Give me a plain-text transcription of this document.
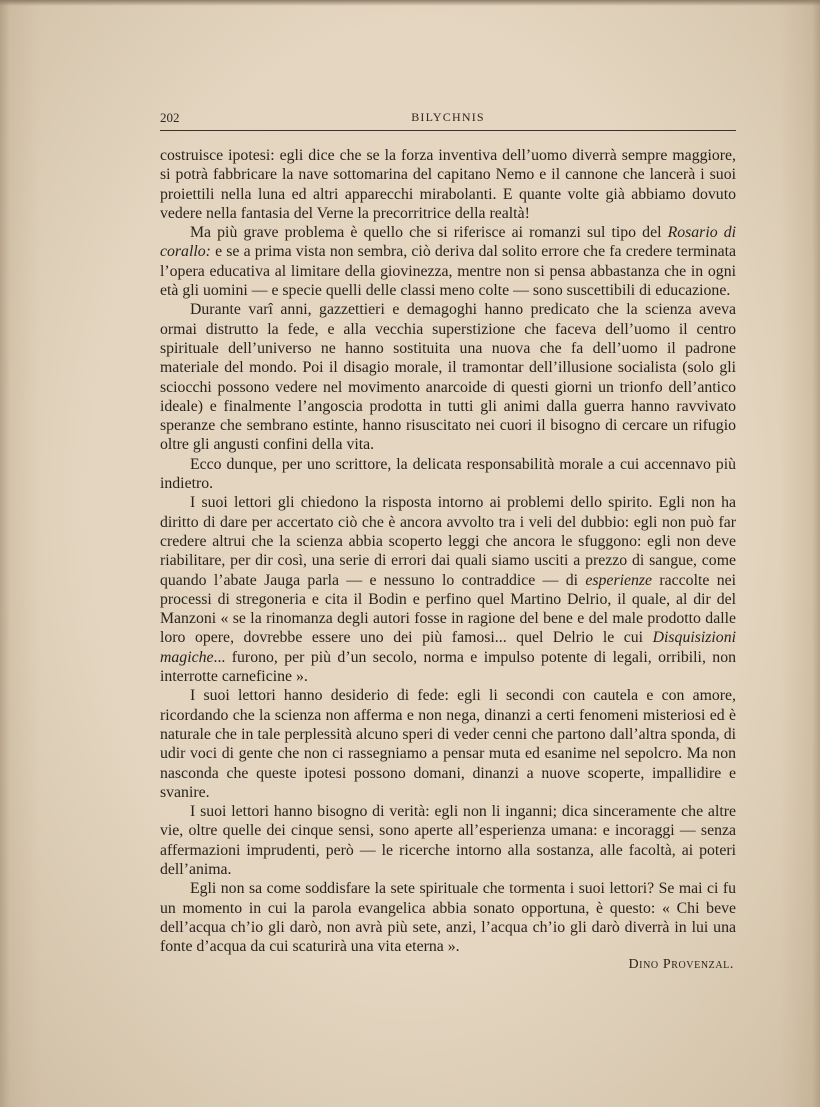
202	BILYCHNIS

costruisce ipotesi: egli dice che se la forza inventiva dell’uomo diverrà sempre maggiore, si potrà fabbricare la nave sottomarina del capitano Nemo e il cannone che lancerà i suoi proiettili nella luna ed altri apparecchi mirabolanti. E quante volte già abbiamo dovuto vedere nella fantasia del Verne la precorritrice della realtà!

Ma più grave problema è quello che si riferisce ai romanzi sul tipo del Rosario di corallo: e se a prima vista non sembra, ciò deriva dal solito errore che fa credere terminata l’opera educativa al limitare della giovinezza, mentre non si pensa abbastanza che in ogni età gli uomini — e specie quelli delle classi meno colte — sono suscettibili di educazione.

Durante varî anni, gazzettieri e demagoghi hanno predicato che la scienza aveva ormai distrutto la fede, e alla vecchia superstizione che faceva dell’uomo il centro spirituale dell’universo ne hanno sostituita una nuova che fa dell’uomo il padrone materiale del mondo. Poi il disagio morale, il tramontar dell’illusione socialista (solo gli sciocchi possono vedere nel movimento anarcoide di questi giorni un trionfo dell’antico ideale) e finalmente l’angoscia prodotta in tutti gli animi dalla guerra hanno ravvivato speranze che sembrano estinte, hanno risuscitato nei cuori il bisogno di cercare un rifugio oltre gli angusti confini della vita.

Ecco dunque, per uno scrittore, la delicata responsabilità morale a cui accennavo più indietro.

I suoi lettori gli chiedono la risposta intorno ai problemi dello spirito. Egli non ha diritto di dare per accertato ciò che è ancora avvolto tra i veli del dubbio: egli non può far credere altrui che la scienza abbia scoperto leggi che ancora le sfuggono: egli non deve riabilitare, per dir così, una serie di errori dai quali siamo usciti a prezzo di sangue, come quando l’abate Jauga parla — e nessuno lo contraddice — di esperienze raccolte nei processi di stregoneria e cita il Bodin e perfino quel Martino Delrio, il quale, al dir del Manzoni « se la rinomanza degli autori fosse in ragione del bene e del male prodotto dalle loro opere, dovrebbe essere uno dei più famosi... quel Delrio le cui Disquisizioni magiche... furono, per più d’un secolo, norma e impulso potente di legali, orribili, non interrotte carneficine ».

I suoi lettori hanno desiderio di fede: egli li secondi con cautela e con amore, ricordando che la scienza non afferma e non nega, dinanzi a certi fenomeni misteriosi ed è naturale che in tale perplessità alcuno speri di veder cenni che partono dall’altra sponda, di udir voci di gente che non ci rassegniamo a pensar muta ed esanime nel sepolcro. Ma non nasconda che queste ipotesi possono domani, dinanzi a nuove scoperte, impallidire e svanire.

I suoi lettori hanno bisogno di verità: egli non li inganni; dica sinceramente che altre vie, oltre quelle dei cinque sensi, sono aperte all’esperienza umana: e incoraggi — senza affermazioni imprudenti, però — le ricerche intorno alla sostanza, alle facoltà, ai poteri dell’anima.

Egli non sa come soddisfare la sete spirituale che tormenta i suoi lettori? Se mai ci fu un momento in cui la parola evangelica abbia sonato opportuna, è questo: « Chi beve dell’acqua ch’io gli darò, non avrà più sete, anzi, l’acqua ch’io gli darò diverrà in lui una fonte d’acqua da cui scaturirà una vita eterna ».

Dino Provenzal.
